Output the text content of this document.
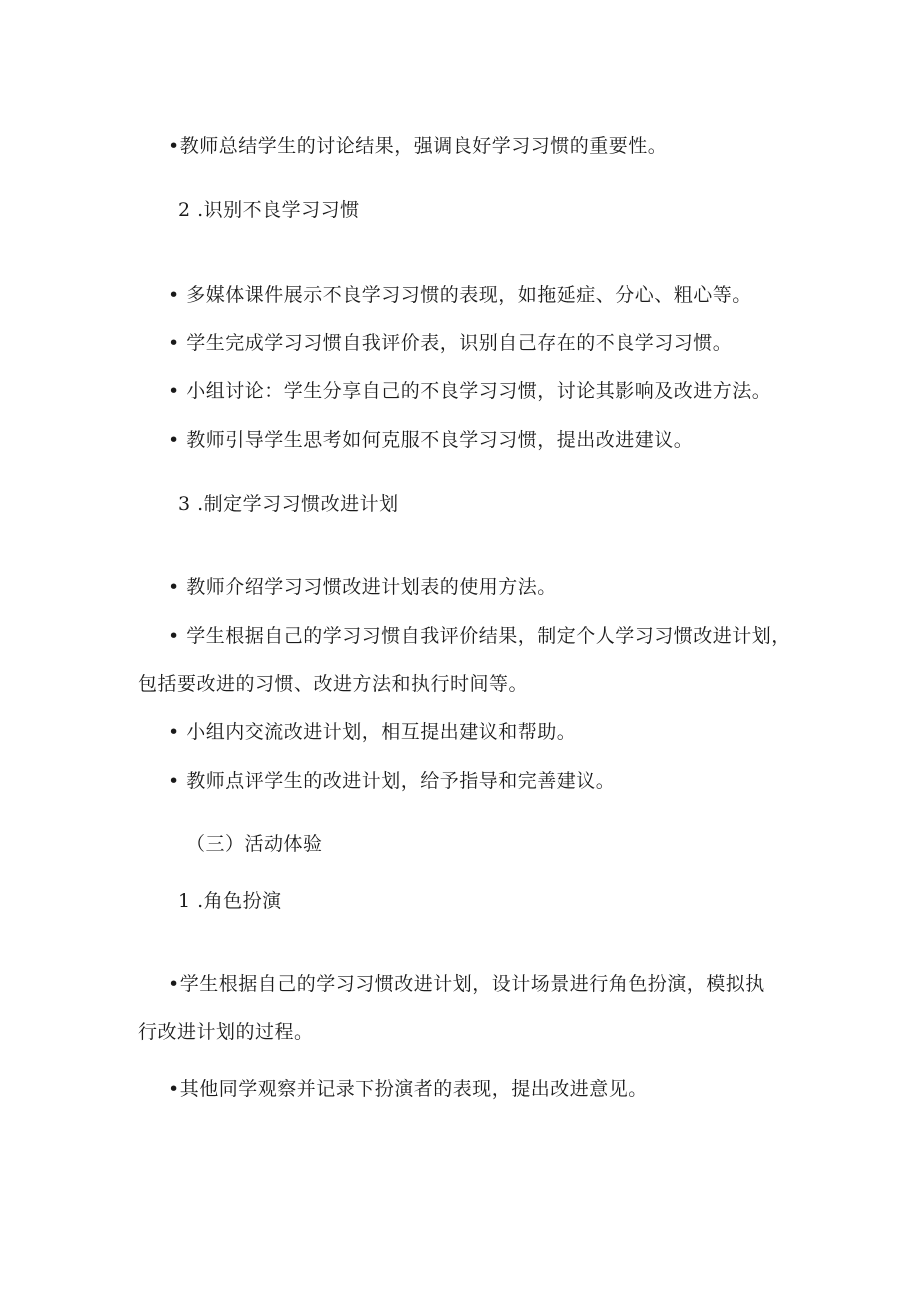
•教师总结学生的讨论结果，强调良好学习习惯的重要性。
2 .识别不良学习习惯
• 多媒体课件展示不良学习习惯的表现，如拖延症、分心、粗心等。
• 学生完成学习习惯自我评价表，识别自己存在的不良学习习惯。
• 小组讨论：学生分享自己的不良学习习惯，讨论其影响及改进方法。
• 教师引导学生思考如何克服不良学习习惯，提出改进建议。
3 .制定学习习惯改进计划
• 教师介绍学习习惯改进计划表的使用方法。
• 学生根据自己的学习习惯自我评价结果，制定个人学习习惯改进计划，
包括要改进的习惯、改进方法和执行时间等。
• 小组内交流改进计划，相互提出建议和帮助。
• 教师点评学生的改进计划，给予指导和完善建议。
（三）活动体验
1 .角色扮演
•学生根据自己的学习习惯改进计划，设计场景进行角色扮演，模拟执
行改进计划的过程。
•其他同学观察并记录下扮演者的表现，提出改进意见。
